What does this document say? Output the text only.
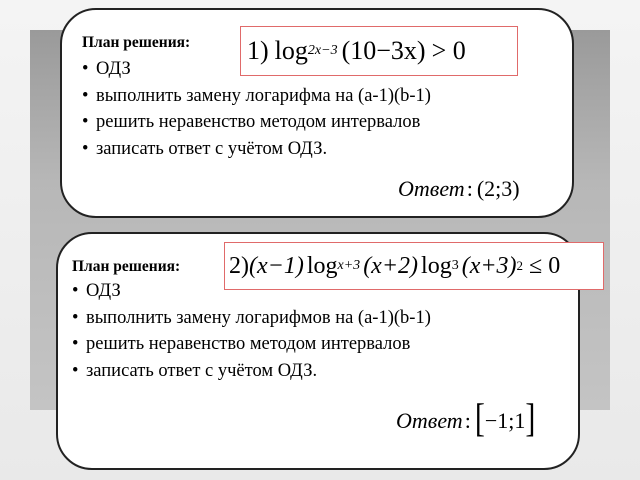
План решения: 1) log 2x−3 (10−3x) > 0
• ОДЗ
• выполнить замену логарифма на (a-1)(b-1)
• решить неравенство методом интервалов
• записать ответ с учётом ОДЗ.
Ответ: (2;3)
План решения: 2) (x−1) log x+3 (x+2) log 3 (x+3) 2 ≤ 0
• ОДЗ
• выполнить замену логарифмов на (a-1)(b-1)
• решить неравенство методом интервалов
• записать ответ с учётом ОДЗ.
Ответ: [−1;1]
